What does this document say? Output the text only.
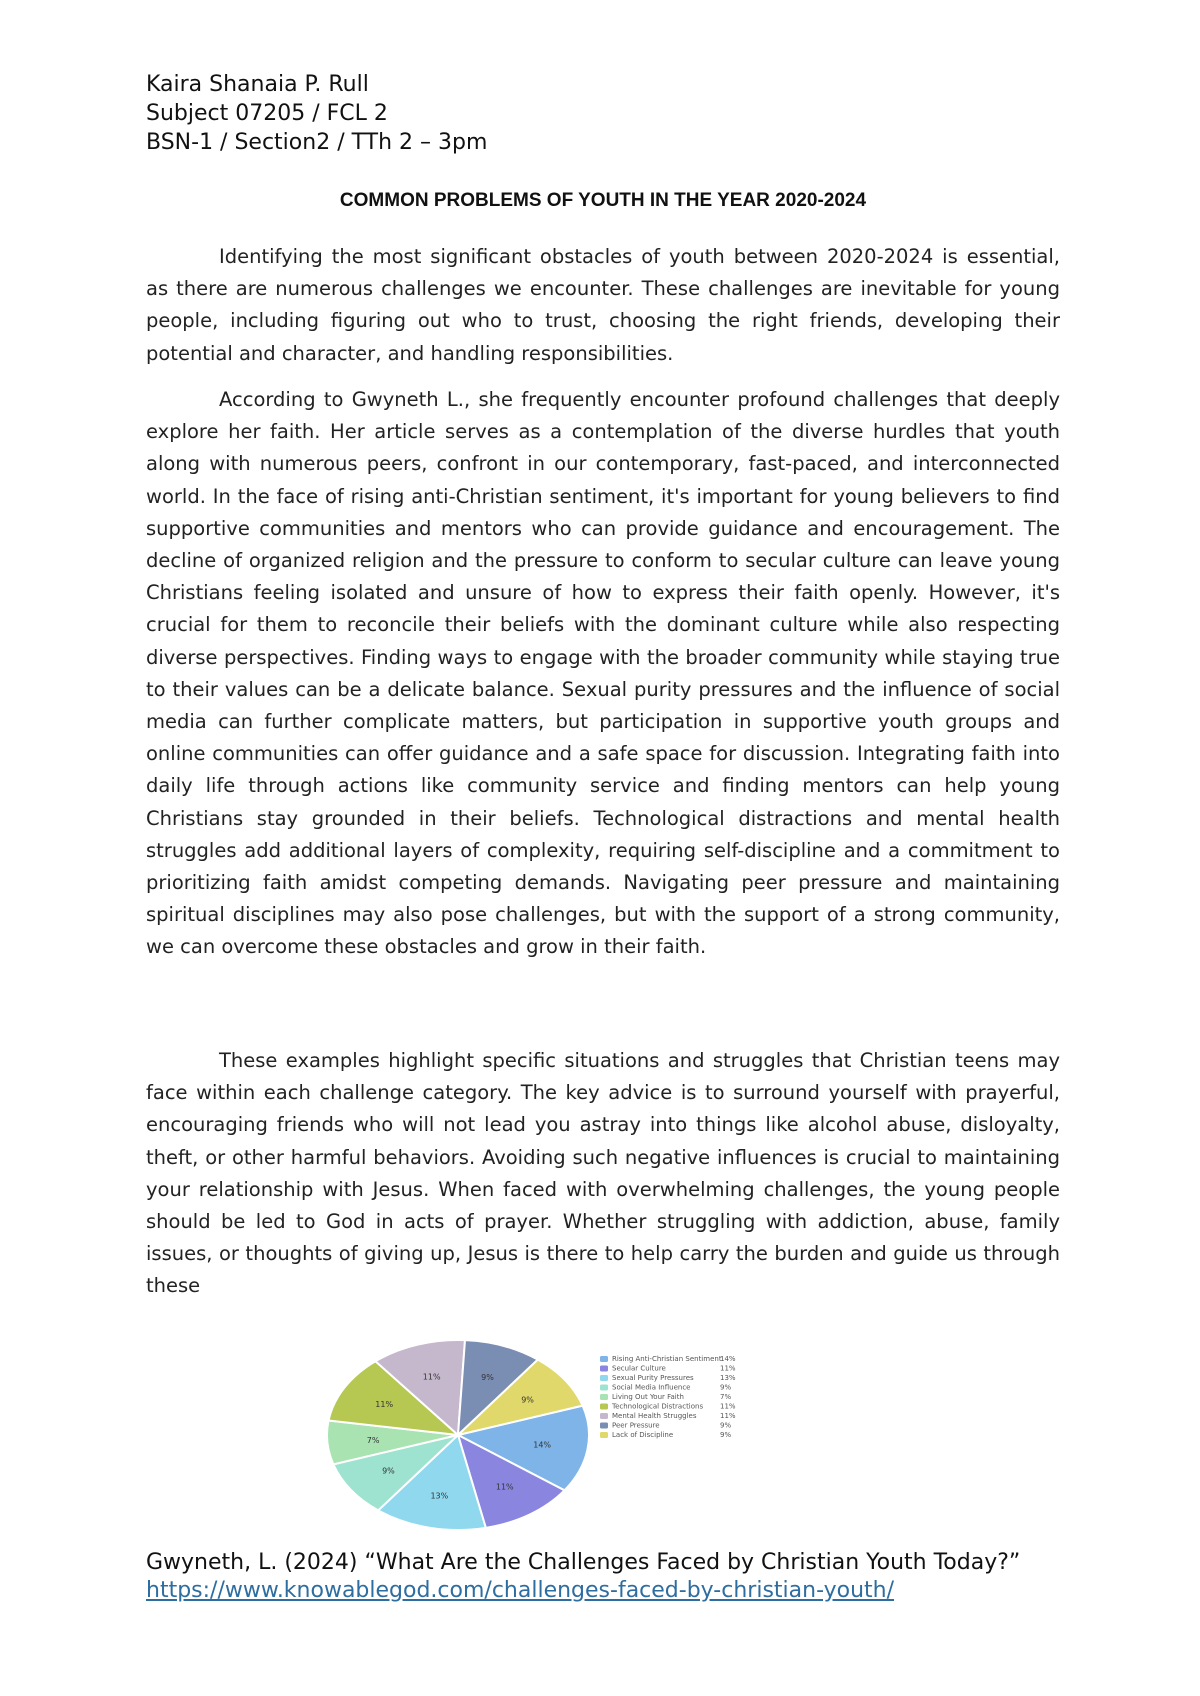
Kaira Shanaia P. Rull
Subject 07205 / FCL 2
BSN-1 / Section2 / TTh 2 – 3pm
COMMON PROBLEMS OF YOUTH IN THE YEAR 2020-2024

Identifying the most significant obstacles of youth between 2020-2024 is essential, as there are numerous challenges we encounter. These challenges are inevitable for young people, including figuring out who to trust, choosing the right friends, developing their potential and character, and handling responsibilities.

According to Gwyneth L., she frequently encounter profound challenges that deeply explore her faith. Her article serves as a contemplation of the diverse hurdles that youth along with numerous peers, confront in our contemporary, fast-paced, and interconnected world. In the face of rising anti-Christian sentiment, it's important for young believers to find supportive communities and mentors who can provide guidance and encouragement. The decline of organized religion and the pressure to conform to secular culture can leave young Christians feeling isolated and unsure of how to express their faith openly. However, it's crucial for them to reconcile their beliefs with the dominant culture while also respecting diverse perspectives. Finding ways to engage with the broader community while staying true to their values can be a delicate balance. Sexual purity pressures and the influence of social media can further complicate matters, but participation in supportive youth groups and online communities can offer guidance and a safe space for discussion. Integrating faith into daily life through actions like community service and finding mentors can help young Christians stay grounded in their beliefs. Technological distractions and mental health struggles add additional layers of complexity, requiring self-discipline and a commitment to prioritizing faith amidst competing demands. Navigating peer pressure and maintaining spiritual disciplines may also pose challenges, but with the support of a strong community, we can overcome these obstacles and grow in their faith.

These examples highlight specific situations and struggles that Christian teens may face within each challenge category. The key advice is to surround yourself with prayerful, encouraging friends who will not lead you astray into things like alcohol abuse, disloyalty, theft, or other harmful behaviors. Avoiding such negative influences is crucial to maintaining your relationship with Jesus. When faced with overwhelming challenges, the young people should be led to God in acts of prayer. Whether struggling with addiction, abuse, family issues, or thoughts of giving up, Jesus is there to help carry the burden and guide us through these

14%
11%
13%
9%
7%
11%
11%	9%
9%
Rising Anti-Christian Sentiment
14%
Secular Culture	11%
Sexual Purity Pressures	13%
Social Media Influence	9%
Living Out Your Faith	7%
Technological Distractions 11%
Mental Health Struggles	11%
Peer Pressure	9%
Lack of Discipline	9%
Gwyneth, L. (2024) “What Are the Challenges Faced by Christian Youth Today?” https://www.knowablegod.com/challenges-faced-by-christian-youth/
